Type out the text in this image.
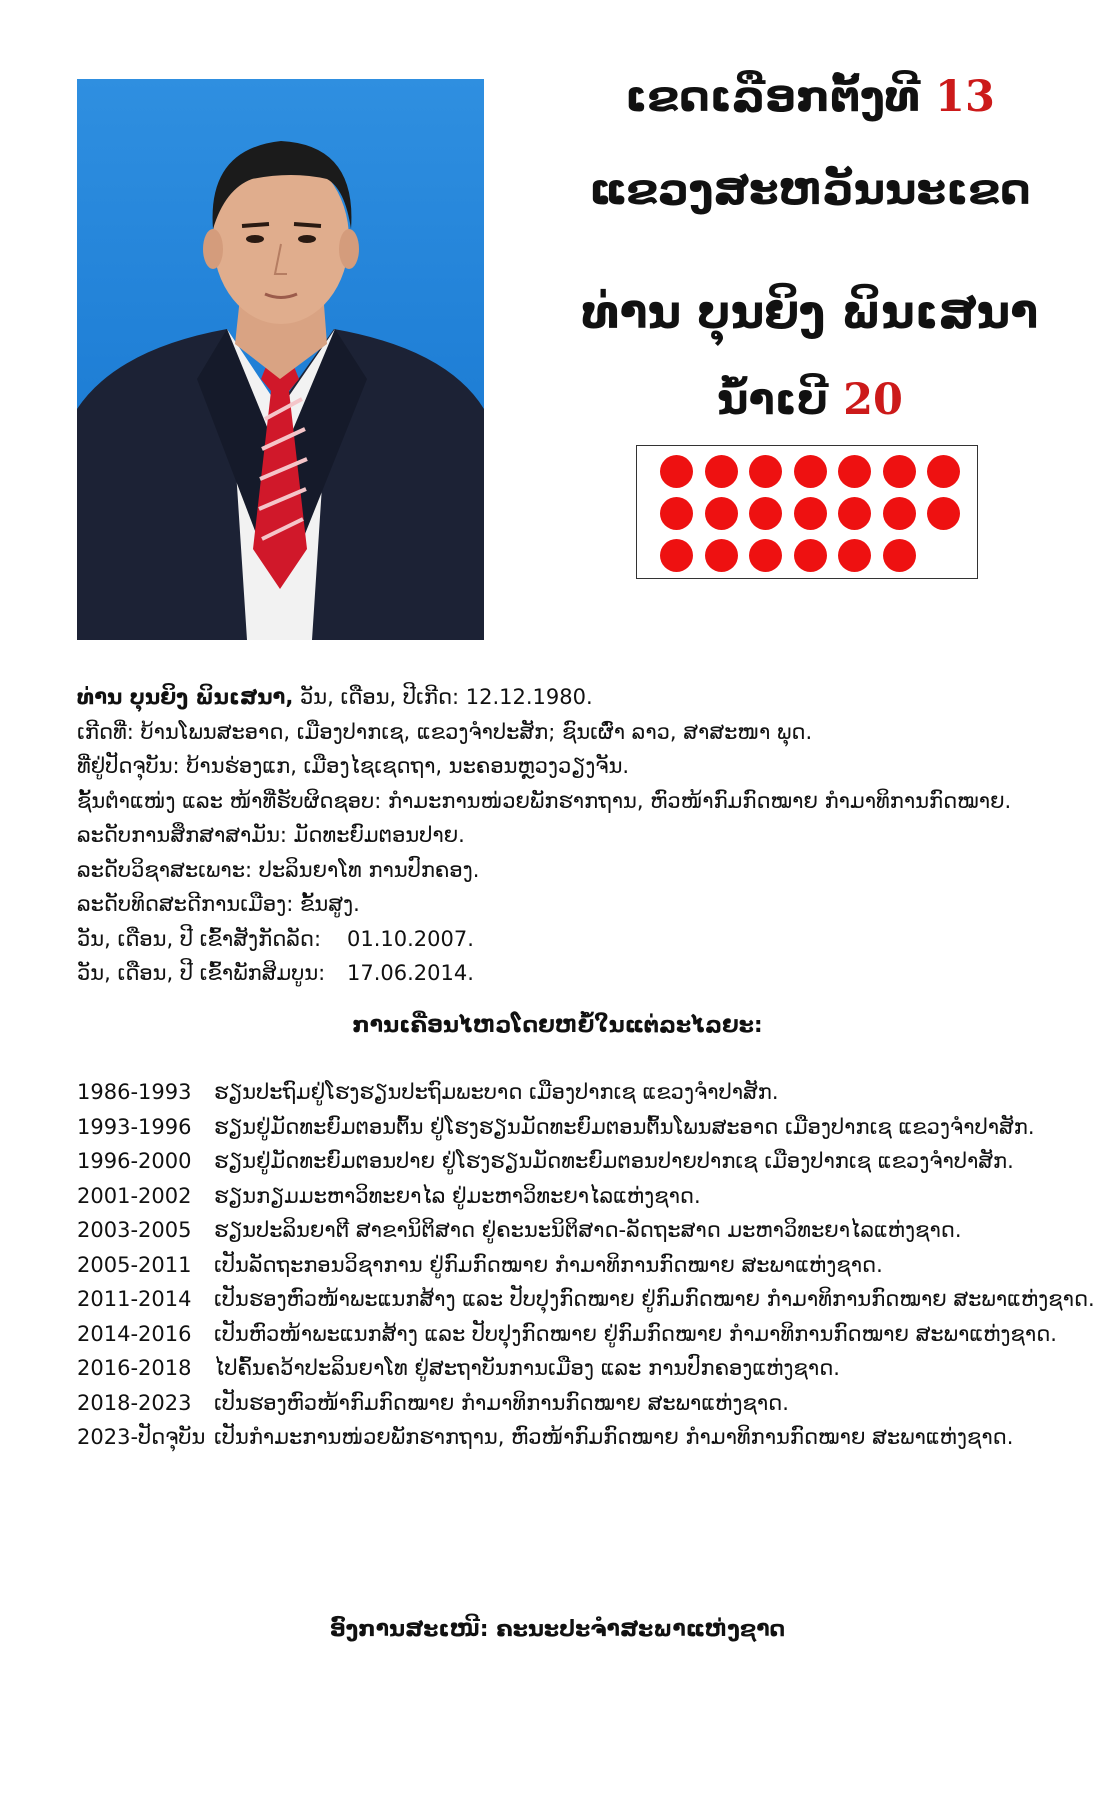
ເຂດເລືອກຕັ້ງທີ 13
ແຂວງສະຫວັນນະເຂດ
ທ່ານ ບຸນຍິງ ພິນເສນາ
ນໍ້າເບີ 20
ທ່ານ ບຸນຍິງ ພິນເສນາ, ວັນ, ເດືອນ, ປີເກີດ: 12.12.1980.
ເກີດທີ່: ບ້ານໂພນສະອາດ, ເມືອງປາກເຊ, ແຂວງຈໍາປະສັກ; ຊົນເຜົ່າ ລາວ, ສາສະໜາ ພຸດ.
ທີ່ຢູ່ປັດຈຸບັນ: ບ້ານຮ່ອງແກ, ເມືອງໄຊເຊດຖາ, ນະຄອນຫຼວງວຽງຈັນ.
ຊັ້ນຕໍາແໜ່ງ ແລະ ໜ້າທີ່ຮັບຜິດຊອບ: ກໍາມະການໜ່ວຍພັກຮາກຖານ, ຫົວໜ້າກົມກົດໝາຍ ກໍາມາທິການກົດໝາຍ.
ລະດັບການສຶກສາສາມັນ: ມັດທະຍົມຕອນປາຍ.
ລະດັບວິຊາສະເພາະ: ປະລິນຍາໂທ ການປົກຄອງ.
ລະດັບທິດສະດີການເມືອງ: ຂັ້ນສູງ.
ວັນ, ເດືອນ, ປີ ເຂົ້າສັງກັດລັດ: 01.10.2007.
ວັນ, ເດືອນ, ປີ ເຂົ້າພັກສິມບູນ: 17.06.2014.
ການເຄື່ອນໄຫວໂດຍຫຍໍ້ໃນແຕ່ລະໄລຍະ:
1986-1993	ຮຽນປະຖົມຢູ່ໂຮງຮຽນປະຖົມພະບາດ ເມືອງປາກເຊ ແຂວງຈໍາປາສັກ.
1993-1996	ຮຽນຢູ່ມັດທະຍົມຕອນຕົ້ນ ຢູ່ໂຮງຮຽນມັດທະຍົມຕອນຕົ້ນໂພນສະອາດ ເມືອງປາກເຊ ແຂວງຈໍາປາສັກ.
1996-2000	ຮຽນຢູ່ມັດທະຍົມຕອນປາຍ ຢູ່ໂຮງຮຽນມັດທະຍົມຕອນປາຍປາກເຊ ເມືອງປາກເຊ ແຂວງຈໍາປາສັກ.
2001-2002	ຮຽນກຽມມະຫາວິທະຍາໄລ ຢູ່ມະຫາວິທະຍາໄລແຫ່ງຊາດ.
2003-2005	ຮຽນປະລິນຍາຕີ ສາຂານິຕິສາດ ຢູ່ຄະນະນິຕິສາດ-ລັດຖະສາດ ມະຫາວິທະຍາໄລແຫ່ງຊາດ.
2005-2011	ເປັນລັດຖະກອນວິຊາການ ຢູ່ກົມກົດໝາຍ ກໍາມາທິການກົດໝາຍ ສະພາແຫ່ງຊາດ.
2011-2014	ເປັນຮອງຫົວໜ້າພະແນກສ້າງ ແລະ ປັບປຸງກົດໝາຍ ຢູ່ກົມກົດໝາຍ ກໍາມາທິການກົດໝາຍ ສະພາແຫ່ງຊາດ.
2014-2016	ເປັນຫົວໜ້າພະແນກສ້າງ ແລະ ປັບປຸງກົດໝາຍ ຢູ່ກົມກົດໝາຍ ກໍາມາທິການກົດໝາຍ ສະພາແຫ່ງຊາດ.
2016-2018	ໄປຄົ້ນຄວ້າປະລິນຍາໂທ ຢູ່ສະຖາບັນການເມືອງ ແລະ ການປົກຄອງແຫ່ງຊາດ.
2018-2023	ເປັນຮອງຫົວໜ້າກົມກົດໝາຍ ກໍາມາທິການກົດໝາຍ ສະພາແຫ່ງຊາດ.
2023-ປັດຈຸບັນ ເປັນກໍາມະການໜ່ວຍພັກຮາກຖານ, ຫົວໜ້າກົມກົດໝາຍ ກໍາມາທິການກົດໝາຍ ສະພາແຫ່ງຊາດ.
ອົງການສະເໜີ: ຄະນະປະຈໍາສະພາແຫ່ງຊາດ
